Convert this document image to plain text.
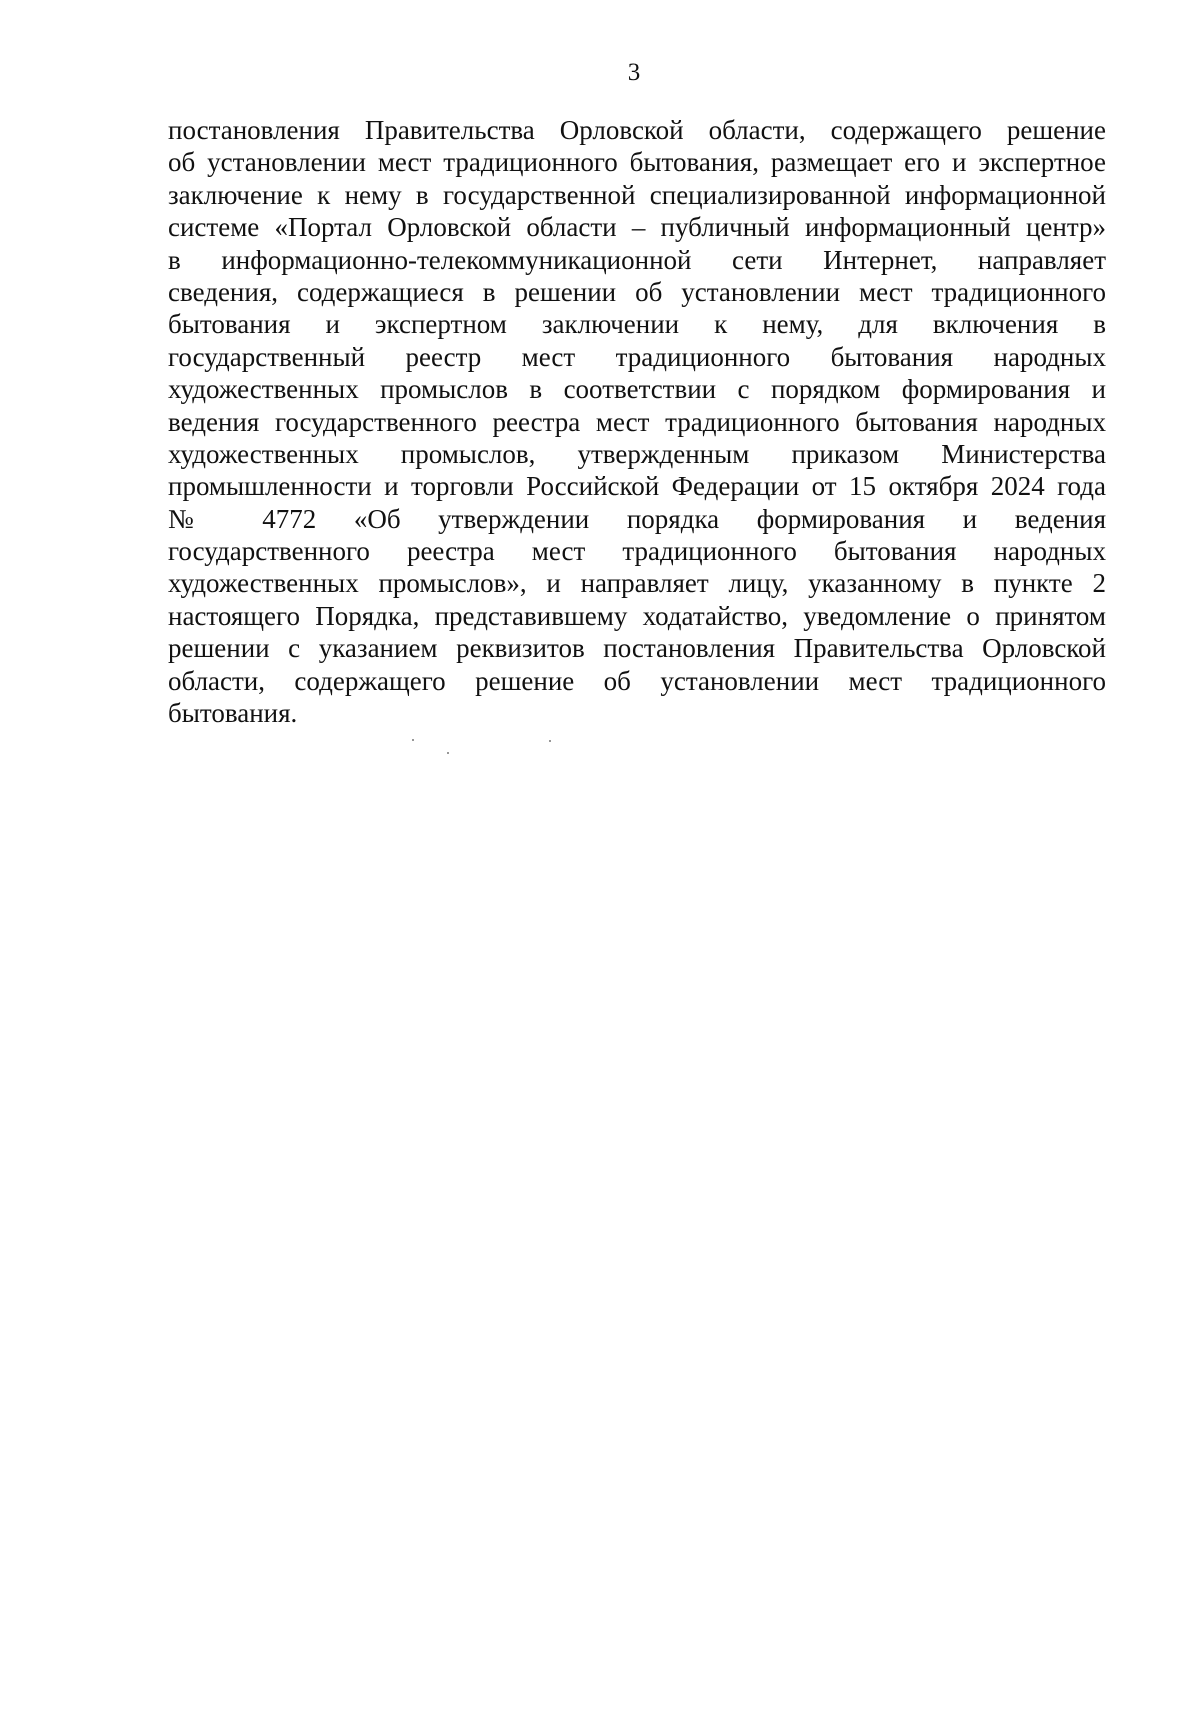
3
постановления Правительства Орловской области, содержащего решение
об установлении мест традиционного бытования, размещает его и экспертное
заключение к нему в государственной специализированной информационной
системе «Портал Орловской области – публичный информационный центр»
в информационно-телекоммуникационной сети Интернет, направляет
сведения, содержащиеся в решении об установлении мест традиционного
бытования и экспертном заключении к нему, для включения в
государственный реестр мест традиционного бытования народных
художественных промыслов в соответствии с порядком формирования и
ведения государственного реестра мест традиционного бытования народных
художественных промыслов, утвержденным приказом Министерства
промышленности и торговли Российской Федерации от 15 октября 2024 года
№ 4772 «Об утверждении порядка формирования и ведения
государственного реестра мест традиционного бытования народных
художественных промыслов», и направляет лицу, указанному в пункте 2
настоящего Порядка, представившему ходатайство, уведомление о принятом
решении с указанием реквизитов постановления Правительства Орловской
области, содержащего решение об установлении мест традиционного
бытования.
